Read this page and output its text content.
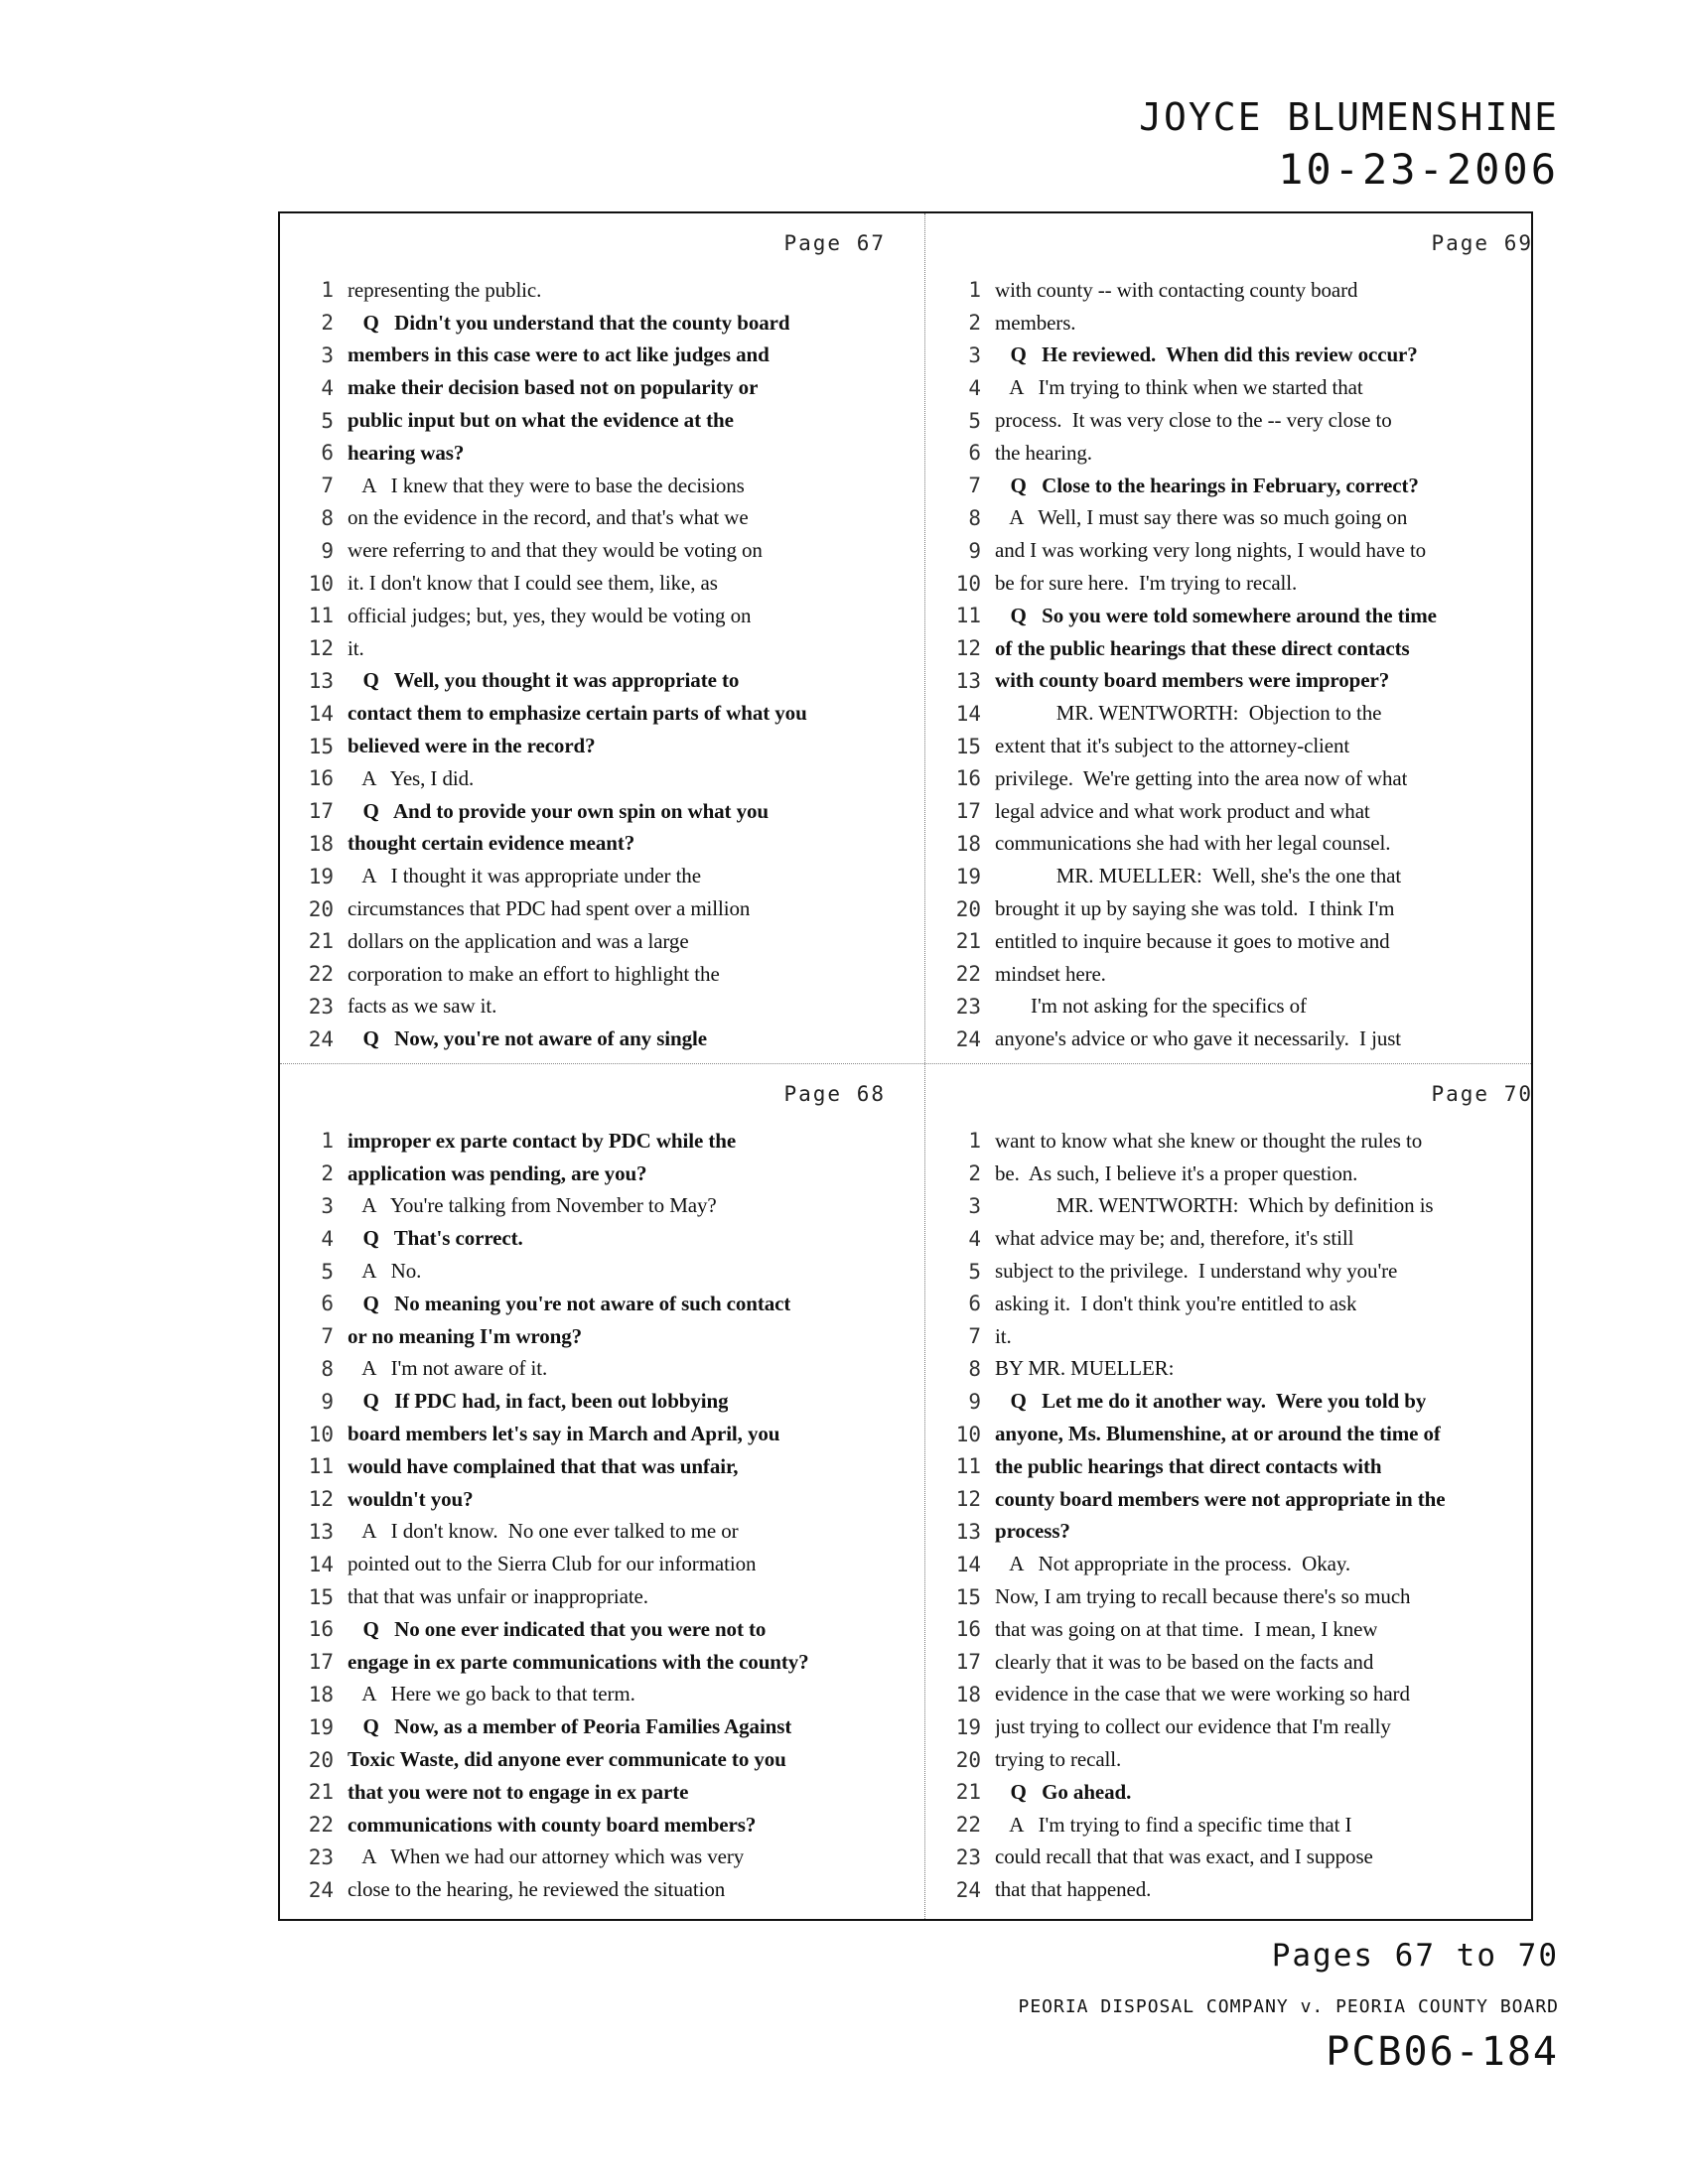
JOYCE BLUMENSHINE
10-23-2006
Page 67
1 representing the public.
2 Q   Didn't you understand that the county board
3 members in this case were to act like judges and
4 make their decision based not on popularity or
5 public input but on what the evidence at the
6 hearing was?
7 A   I knew that they were to base the decisions
8 on the evidence in the record, and that's what we
9 were referring to and that they would be voting on
10 it. I don't know that I could see them, like, as
11 official judges; but, yes, they would be voting on
12 it.
13 Q   Well, you thought it was appropriate to
14 contact them to emphasize certain parts of what you
15 believed were in the record?
16 A   Yes, I did.
17 Q   And to provide your own spin on what you
18 thought certain evidence meant?
19 A   I thought it was appropriate under the
20 circumstances that PDC had spent over a million
21 dollars on the application and was a large
22 corporation to make an effort to highlight the
23 facts as we saw it.
24 Q   Now, you're not aware of any single
Page 69
1 with county -- with contacting county board
2 members.
3 Q   He reviewed.  When did this review occur?
4 A   I'm trying to think when we started that
5 process.  It was very close to the -- very close to
6 the hearing.
7 Q   Close to the hearings in February, correct?
8 A   Well, I must say there was so much going on
9 and I was working very long nights, I would have to
10 be for sure here.  I'm trying to recall.
11 Q   So you were told somewhere around the time
12 of the public hearings that these direct contacts
13 with county board members were improper?
14 MR. WENTWORTH:  Objection to the
15 extent that it's subject to the attorney-client
16 privilege.  We're getting into the area now of what
17 legal advice and what work product and what
18 communications she had with her legal counsel.
19 MR. MUELLER:  Well, she's the one that
20 brought it up by saying she was told.  I think I'm
21 entitled to inquire because it goes to motive and
22 mindset here.
23 I'm not asking for the specifics of
24 anyone's advice or who gave it necessarily.  I just
Page 68
1 improper ex parte contact by PDC while the
2 application was pending, are you?
3 A   You're talking from November to May?
4 Q   That's correct.
5 A   No.
6 Q   No meaning you're not aware of such contact
7 or no meaning I'm wrong?
8 A   I'm not aware of it.
9 Q   If PDC had, in fact, been out lobbying
10 board members let's say in March and April, you
11 would have complained that that was unfair,
12 wouldn't you?
13 A   I don't know.  No one ever talked to me or
14 pointed out to the Sierra Club for our information
15 that that was unfair or inappropriate.
16 Q   No one ever indicated that you were not to
17 engage in ex parte communications with the county?
18 A   Here we go back to that term.
19 Q   Now, as a member of Peoria Families Against
20 Toxic Waste, did anyone ever communicate to you
21 that you were not to engage in ex parte
22 communications with county board members?
23 A   When we had our attorney which was very
24 close to the hearing, he reviewed the situation
Page 70
1 want to know what she knew or thought the rules to
2 be.  As such, I believe it's a proper question.
3 MR. WENTWORTH:  Which by definition is
4 what advice may be; and, therefore, it's still
5 subject to the privilege.  I understand why you're
6 asking it.  I don't think you're entitled to ask
7 it.
8 BY MR. MUELLER:
9 Q   Let me do it another way.  Were you told by
10 anyone, Ms. Blumenshine, at or around the time of
11 the public hearings that direct contacts with
12 county board members were not appropriate in the
13 process?
14 A   Not appropriate in the process.  Okay.
15 Now, I am trying to recall because there's so much
16 that was going on at that time.  I mean, I knew
17 clearly that it was to be based on the facts and
18 evidence in the case that we were working so hard
19 just trying to collect our evidence that I'm really
20 trying to recall.
21 Q   Go ahead.
22 A   I'm trying to find a specific time that I
23 could recall that that was exact, and I suppose
24 that that happened.
Pages 67 to 70
PEORIA DISPOSAL COMPANY v. PEORIA COUNTY BOARD
PCB06-184
